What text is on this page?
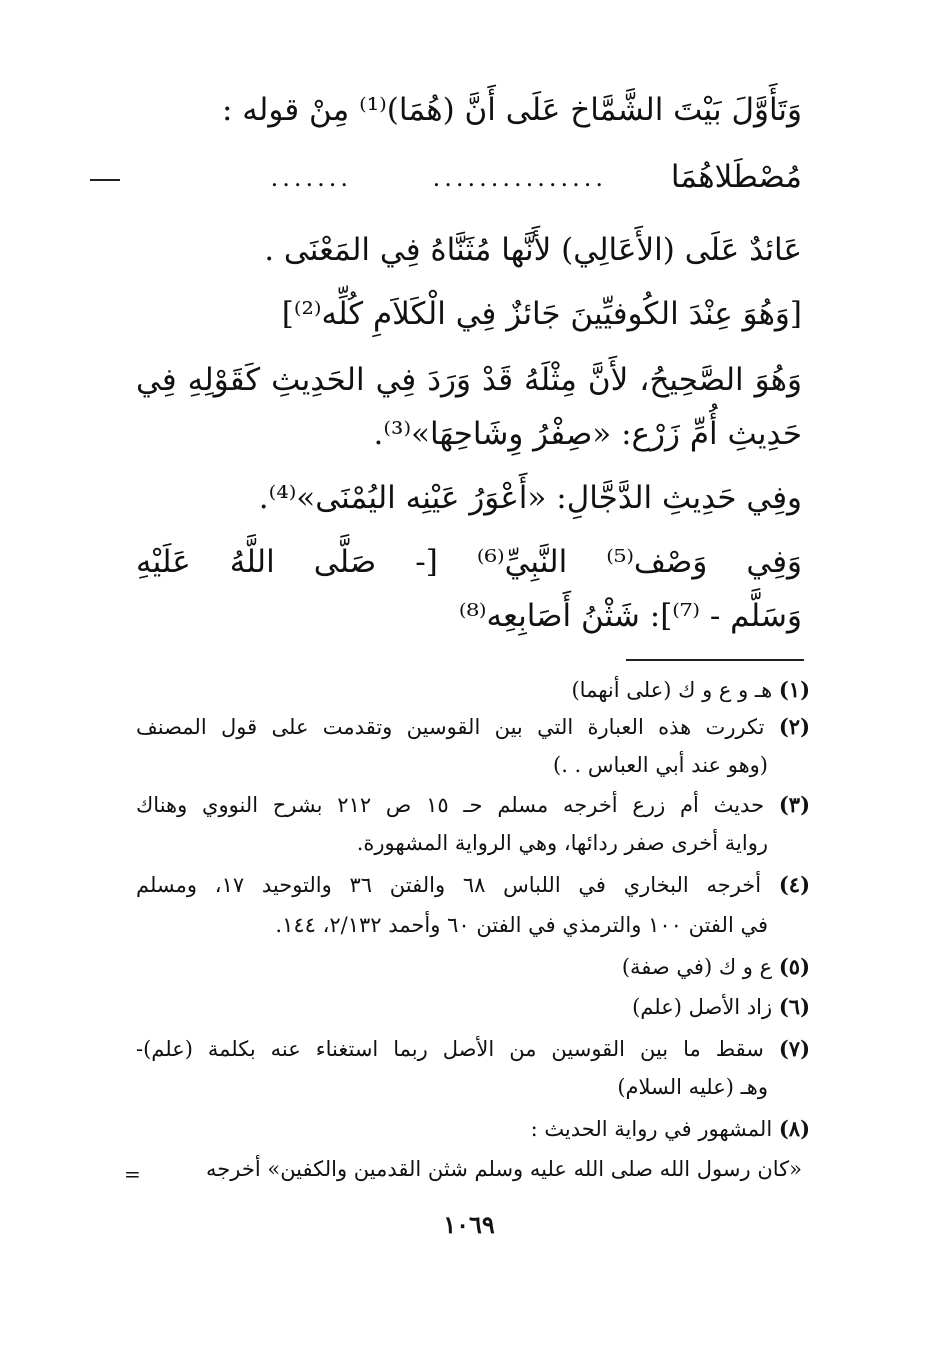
وَتَأَوَّلَ بَيْتَ الشَّمَّاخ عَلَى أَنَّ (هُمَا)⁽¹⁾ مِنْ قوله :
مُصْطَلاهُمَا
...............
.......
عَائدٌ عَلَى (الأَعَالِي) لأَنَّها مُثَنَّاهُ فِي المَعْنَى .
[وَهُوَ عِنْدَ الكُوفيِّينَ جَائزٌ فِي الْكَلاَمِ كُلِّه⁽²⁾]
وَهُوَ الصَّحِيحُ، لأَنَّ مِثْلَهُ قَدْ وَرَدَ فِي الحَدِيثِ كَقَوْلِهِ فِي
حَدِيثِ أُمِّ زَرْع: «صِفْرُ وِشَاحِهَا»⁽³⁾.
وفِي حَدِيثِ الدَّجَّالِ: «أَعْوَرُ عَيْنِه اليُمْنَى»⁽⁴⁾.
وَفِي وَصْف⁽⁵⁾ النَّبِيِّ⁽⁶⁾ [- صَلَّى اللَّهُ عَلَيْهِ
وَسَلَّم - ⁽⁷⁾]: شَثْنُ أَصَابِعِه⁽⁸⁾
(١) هـ و ع و ك (على أنهما)
(٢) تكررت هذه العبارة التي بين القوسين وتقدمت على قول المصنف
(وهو عند أبي العباس . .)
(٣) حديث أم زرع أخرجه مسلم حـ ١٥ ص ٢١٢ بشرح النووي وهناك
رواية أخرى صفر ردائها، وهي الرواية المشهورة.
(٤) أخرجه البخاري في اللباس ٦٨ والفتن ٣٦ والتوحيد ١٧، ومسلم
في الفتن ١٠٠ والترمذي في الفتن ٦٠ وأحمد ٢/١٣٢، ١٤٤.
(٥) ع و ك (في صفة)
(٦) زاد الأصل (علم)
(٧) سقط ما بين القوسين من الأصل ربما استغناء عنه بكلمة (علم)-
وهـ (عليه السلام)
(٨) المشهور في رواية الحديث :
«كان رسول الله صلى الله عليه وسلم شثن القدمين والكفين» أخرجه
=
١٠٦٩
